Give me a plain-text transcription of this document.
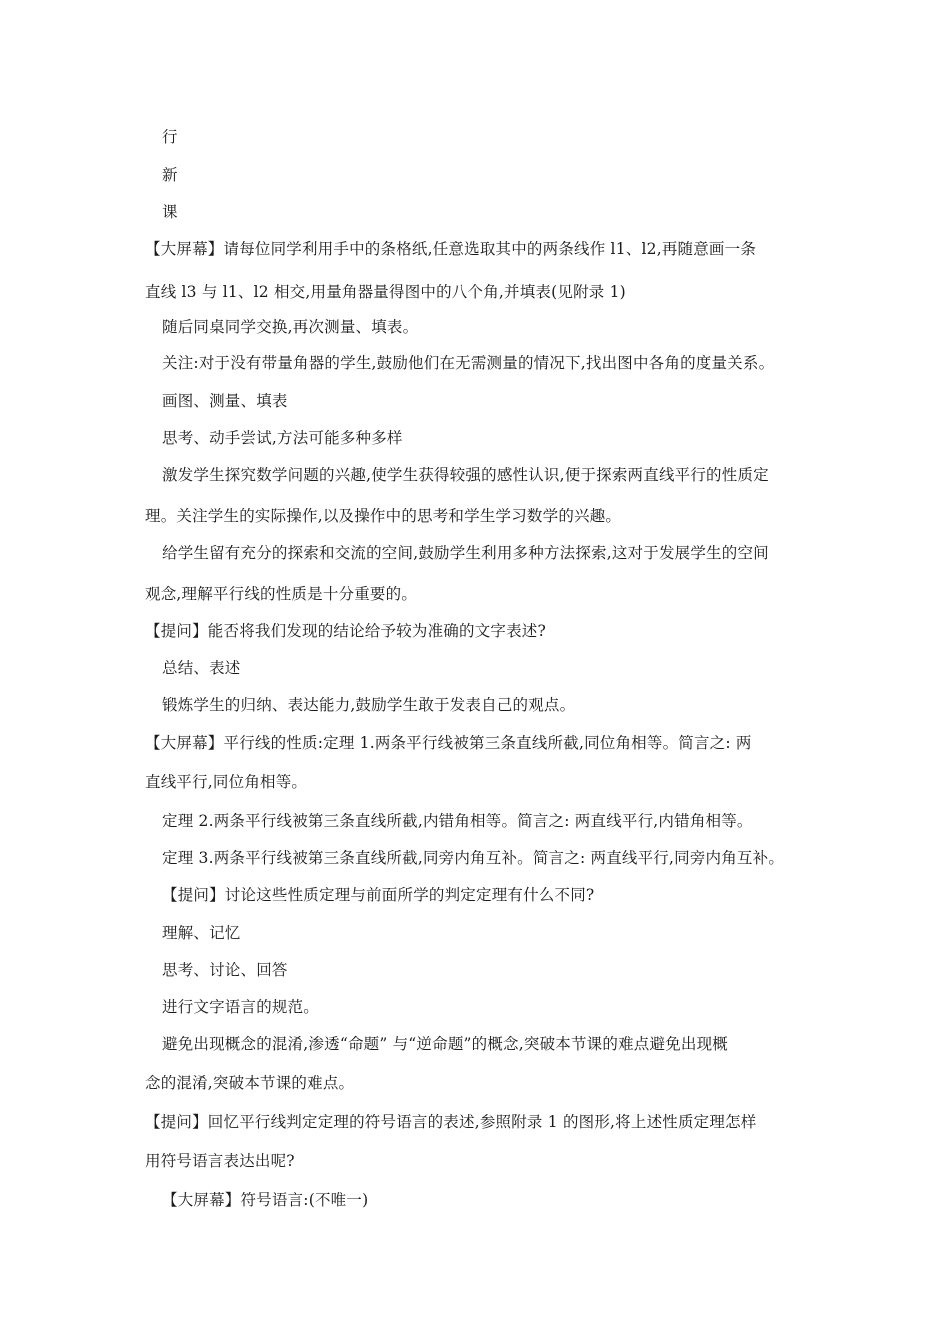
行
新
课
【大屏幕】请每位同学利用手中的条格纸,任意选取其中的两条线作 l1、l2,再随意画一条
直线 l3 与 l1、l2 相交,用量角器量得图中的八个角,并填表(见附录 1)
随后同桌同学交换,再次测量、填表。
关注:对于没有带量角器的学生,鼓励他们在无需测量的情况下,找出图中各角的度量关系。
画图、测量、填表
思考、动手尝试,方法可能多种多样
激发学生探究数学问题的兴趣,使学生获得较强的感性认识,便于探索两直线平行的性质定
理。关注学生的实际操作,以及操作中的思考和学生学习数学的兴趣。
给学生留有充分的探索和交流的空间,鼓励学生利用多种方法探索,这对于发展学生的空间
观念,理解平行线的性质是十分重要的。
【提问】能否将我们发现的结论给予较为准确的文字表述?
总结、表述
锻炼学生的归纳、表达能力,鼓励学生敢于发表自己的观点。
【大屏幕】平行线的性质:定理 1.两条平行线被第三条直线所截,同位角相等。简言之: 两
直线平行,同位角相等。
定理 2.两条平行线被第三条直线所截,内错角相等。简言之: 两直线平行,内错角相等。
定理 3.两条平行线被第三条直线所截,同旁内角互补。简言之: 两直线平行,同旁内角互补。
【提问】讨论这些性质定理与前面所学的判定定理有什么不同?
理解、记忆
思考、讨论、回答
进行文字语言的规范。
避免出现概念的混淆,渗透“命题” 与“逆命题”的概念,突破本节课的难点避免出现概
念的混淆,突破本节课的难点。
【提问】回忆平行线判定定理的符号语言的表述,参照附录 1 的图形,将上述性质定理怎样
用符号语言表达出呢?
【大屏幕】符号语言:(不唯一)
